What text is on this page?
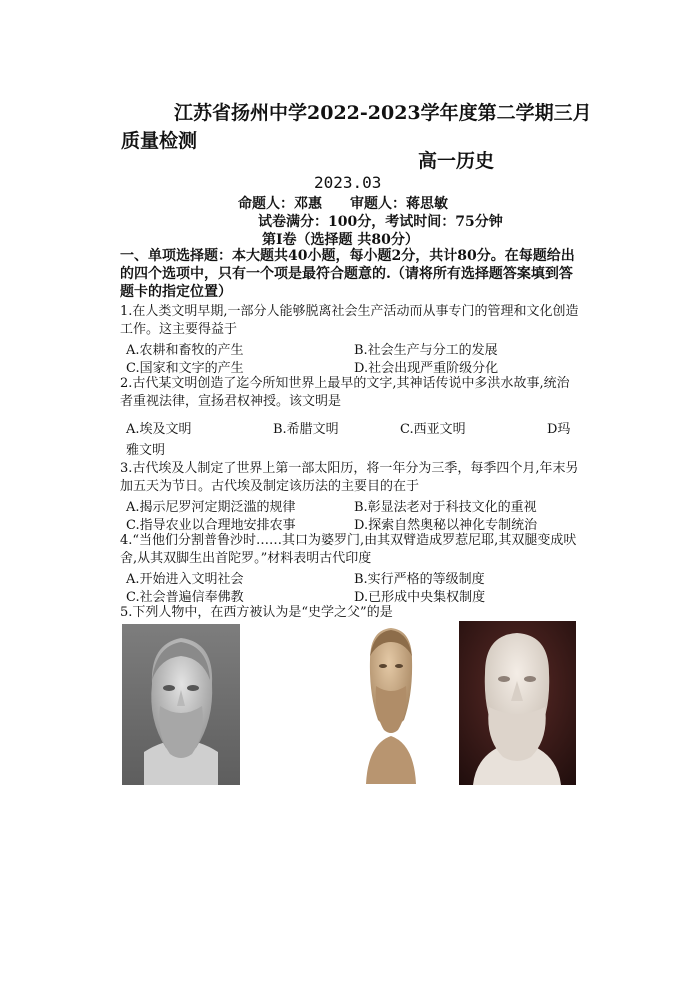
江苏省扬州中学2022-2023学年度第二学期三月
质量检测
高一历史
2023.03
命题人：邓惠 审题人：蒋思敏
试卷满分：100分，考试时间：75分钟
第Ⅰ卷（选择题 共80分）
一、单项选择题：本大题共40小题，每小题2分，共计80分。在每题给出的四个选项中，只有一个项是最符合题意的.（请将所有选择题答案填到答题卡的指定位置）
1.在人类文明早期,一部分人能够脱离社会生产活动而从事专门的管理和文化创造工作。这主要得益于
A.农耕和畜牧的产生	B.社会生产与分工的发展
C.国家和文字的产生	D.社会出现严重阶级分化
2.古代某文明创造了迄今所知世界上最早的文字,其神话传说中多洪水故事,统治者重视法律，宣扬君权神授。该文明是
A.埃及文明	B.希腊文明	C.西亚文明	D玛
雅文明
3.古代埃及人制定了世界上第一部太阳历，将一年分为三季，每季四个月,年末另加五天为节日。古代埃及制定该历法的主要目的在于
A.揭示尼罗河定期泛滥的规律	B.彰显法老对于科技文化的重视
C.指导农业以合理地安排农事	D.探索自然奥秘以神化专制统治
4.“当他们分割普鲁沙时……其口为婆罗门,由其双臂造成罗惹尼耶,其双腿变成吠舍,从其双脚生出首陀罗。”材料表明古代印度
A.开始进入文明社会	B.实行严格的等级制度
C.社会普遍信奉佛教	D.已形成中央集权制度
5.下列人物中，在西方被认为是“史学之父”的是
